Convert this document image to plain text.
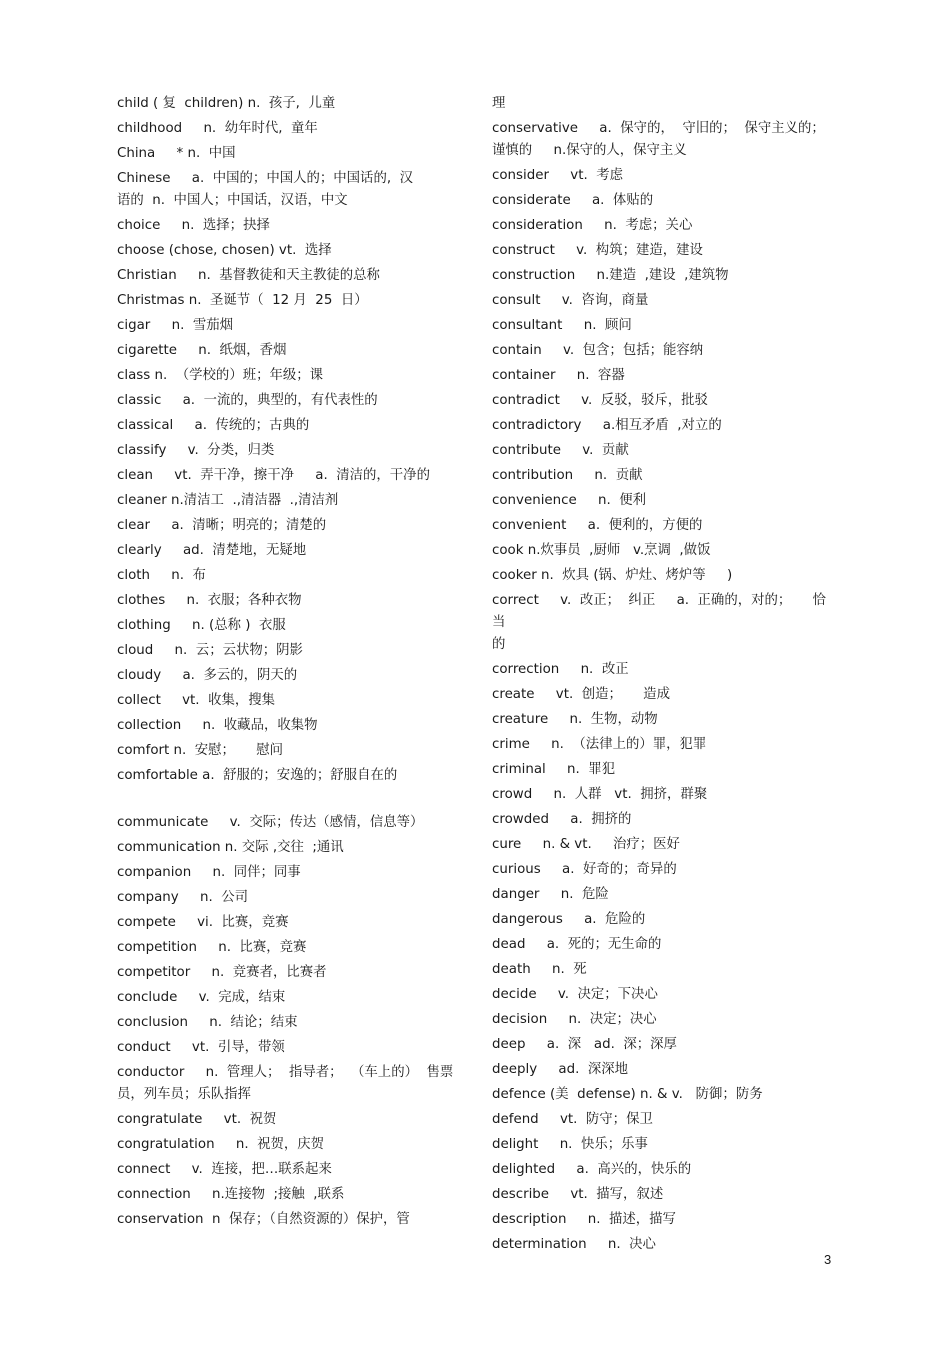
child ( 复  children) n.  孩子,  儿童
childhood     n.  幼年时代,  童年
China     * n.  中国
Chinese     a.  中国的；中国人的；中国话的,  汉
语的  n.  中国人；中国话，汉语，中文
choice     n.  选择；抉择
choose (chose, chosen) vt.  选择
Christian     n.  基督教徒和天主教徒的总称
Christmas n.  圣诞节（  12 月  25  日）
cigar     n.  雪茄烟
cigarette     n.  纸烟，香烟
class n.  （学校的）班；年级；课
classic     a.  一流的，典型的，有代表性的
classical     a.  传统的；古典的
classify     v.  分类，归类
clean     vt.  弄干净，擦干净     a.  清洁的，干净的
cleaner n.清洁工  .,清洁器  .,清洁剂
clear     a.  清晰；明亮的；清楚的
clearly     ad.  清楚地，无疑地
cloth     n.  布
clothes     n.  衣服；各种衣物
clothing     n. (总称 )  衣服
cloud     n.  云；云状物；阴影
cloudy     a.  多云的，阴天的
collect     vt.  收集，搜集
collection     n.  收藏品，收集物
comfort n.  安慰；     慰问
comfortable a.  舒服的；安逸的；舒服自在的
communicate     v.  交际；传达（感情，信息等）
communication n. 交际 ,交往  ;通讯
companion     n.  同伴；同事
company     n.  公司
compete     vi.  比赛，竞赛
competition     n.  比赛，竞赛
competitor     n.  竞赛者，比赛者
conclude     v.  完成，结束
conclusion     n.  结论；结束
conduct     vt.  引导，带领
conductor     n.  管理人；  指导者；  （车上的）  售票
员，列车员；乐队指挥
congratulate     vt.  祝贺
congratulation     n.  祝贺，庆贺
connect     v.  连接，把…联系起来
connection     n.连接物  ;接触  ,联系
conservation  n  保存；（自然资源的）保护，管
理
conservative     a.  保守的，  守旧的；  保守主义的；
谨慎的     n.保守的人，保守主义
consider     vt.  考虑
considerate     a.  体贴的
consideration     n.  考虑；关心
construct     v.  构筑；建造，建设
construction     n.建造  ,建设  ,建筑物
consult     v.  咨询，商量
consultant     n.  顾问
contain     v.  包含；包括；能容纳
container     n.  容器
contradict     v.  反驳，驳斥，批驳
contradictory     a.相互矛盾  ,对立的
contribute     v.  贡献
contribution     n.  贡献
convenience     n.  便利
convenient     a.  便利的，方便的
cook n.炊事员  ,厨师   v.烹调  ,做饭
cooker n.  炊具 (锅、炉灶、烤炉等     )
correct     v.  改正；  纠正     a.  正确的，对的；     恰当
的
correction     n.  改正
create     vt.  创造；     造成
creature     n.  生物，动物
crime     n.  （法律上的）罪，犯罪
criminal     n.  罪犯
crowd     n.  人群   vt.  拥挤，群聚
crowded     a.  拥挤的
cure     n. & vt.     治疗；医好
curious     a.  好奇的；奇异的
danger     n.  危险
dangerous     a.  危险的
dead     a.  死的；无生命的
death     n.  死
decide     v.  决定；下决心
decision     n.  决定；决心
deep     a.  深   ad.  深；深厚
deeply     ad.  深深地
defence (美  defense) n. & v.   防御；防务
defend     vt.  防守；保卫
delight     n.  快乐；乐事
delighted     a.  高兴的，快乐的
describe     vt.  描写，叙述
description     n.  描述，描写
determination     n.  决心
3
